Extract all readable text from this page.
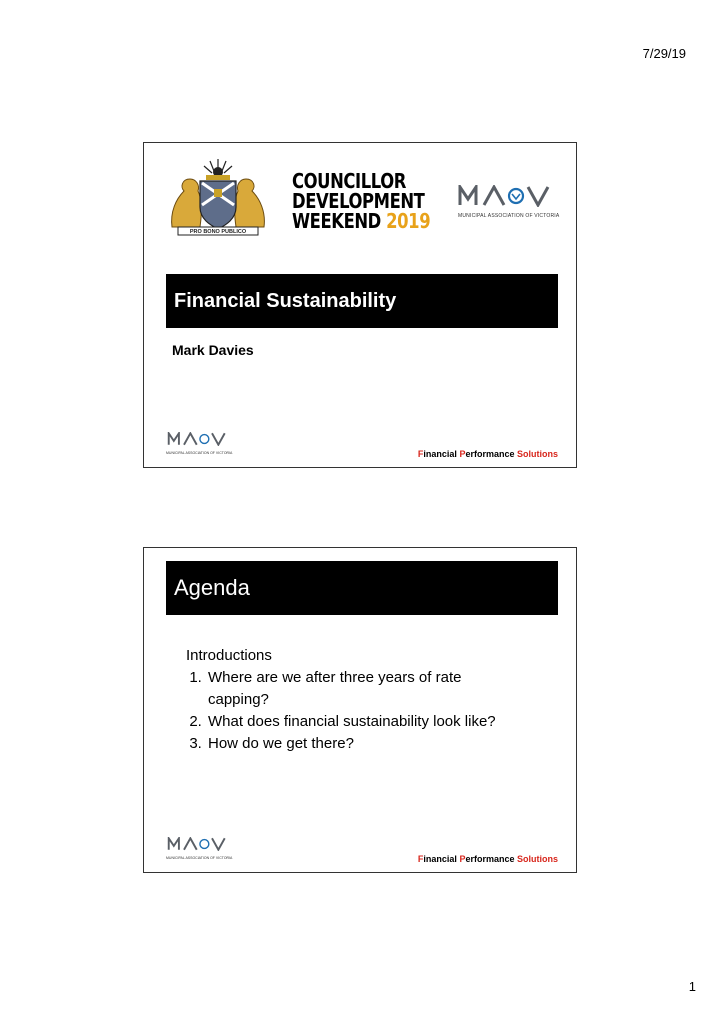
7/29/19
PRO BONO PUBLICO
COUNCILLOR
DEVELOPMENT
WEEKEND 2019	MUNICIPAL ASSOCIATION OF VICTORIA
Financial Sustainability
Mark Davies
MUNICIPAL ASSOCIATION OF VICTORIA	Financial Performance Solutions
Agenda
Introductions
1. Where are we after three years of rate capping?
2. What does financial sustainability look like?
3. How do we get there?
MUNICIPAL ASSOCIATION OF VICTORIA	Financial Performance Solutions
1
